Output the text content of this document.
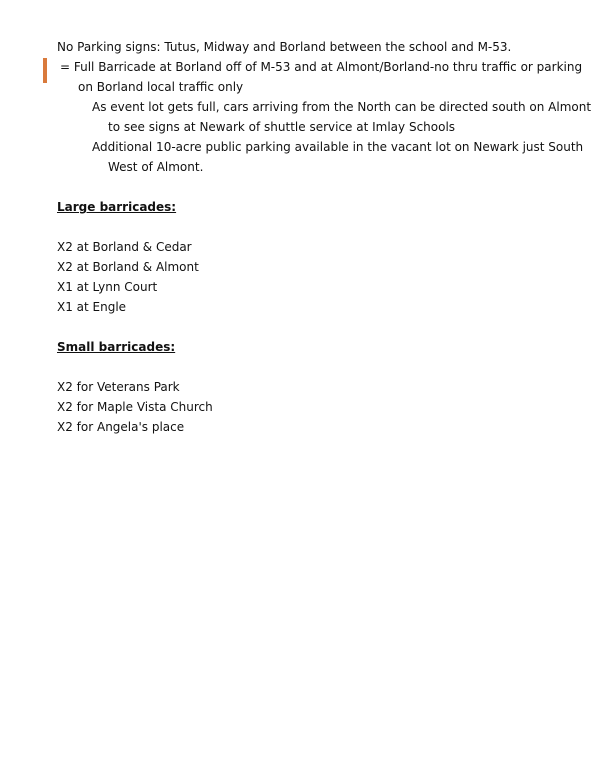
No Parking signs: Tutus, Midway and Borland between the school and M-53.
= Full Barricade at Borland off of M-53 and at Almont/Borland-no thru traffic or parking
on Borland local traffic only
As event lot gets full, cars arriving from the North can be directed south on Almont
to see signs at Newark of shuttle service at Imlay Schools
Additional 10-acre public parking available in the vacant lot on Newark just South
West of Almont.
Large barricades:
X2 at Borland & Cedar
X2 at Borland & Almont
X1 at Lynn Court
X1 at Engle
Small barricades:
X2 for Veterans Park
X2 for Maple Vista Church
X2 for Angela's place
